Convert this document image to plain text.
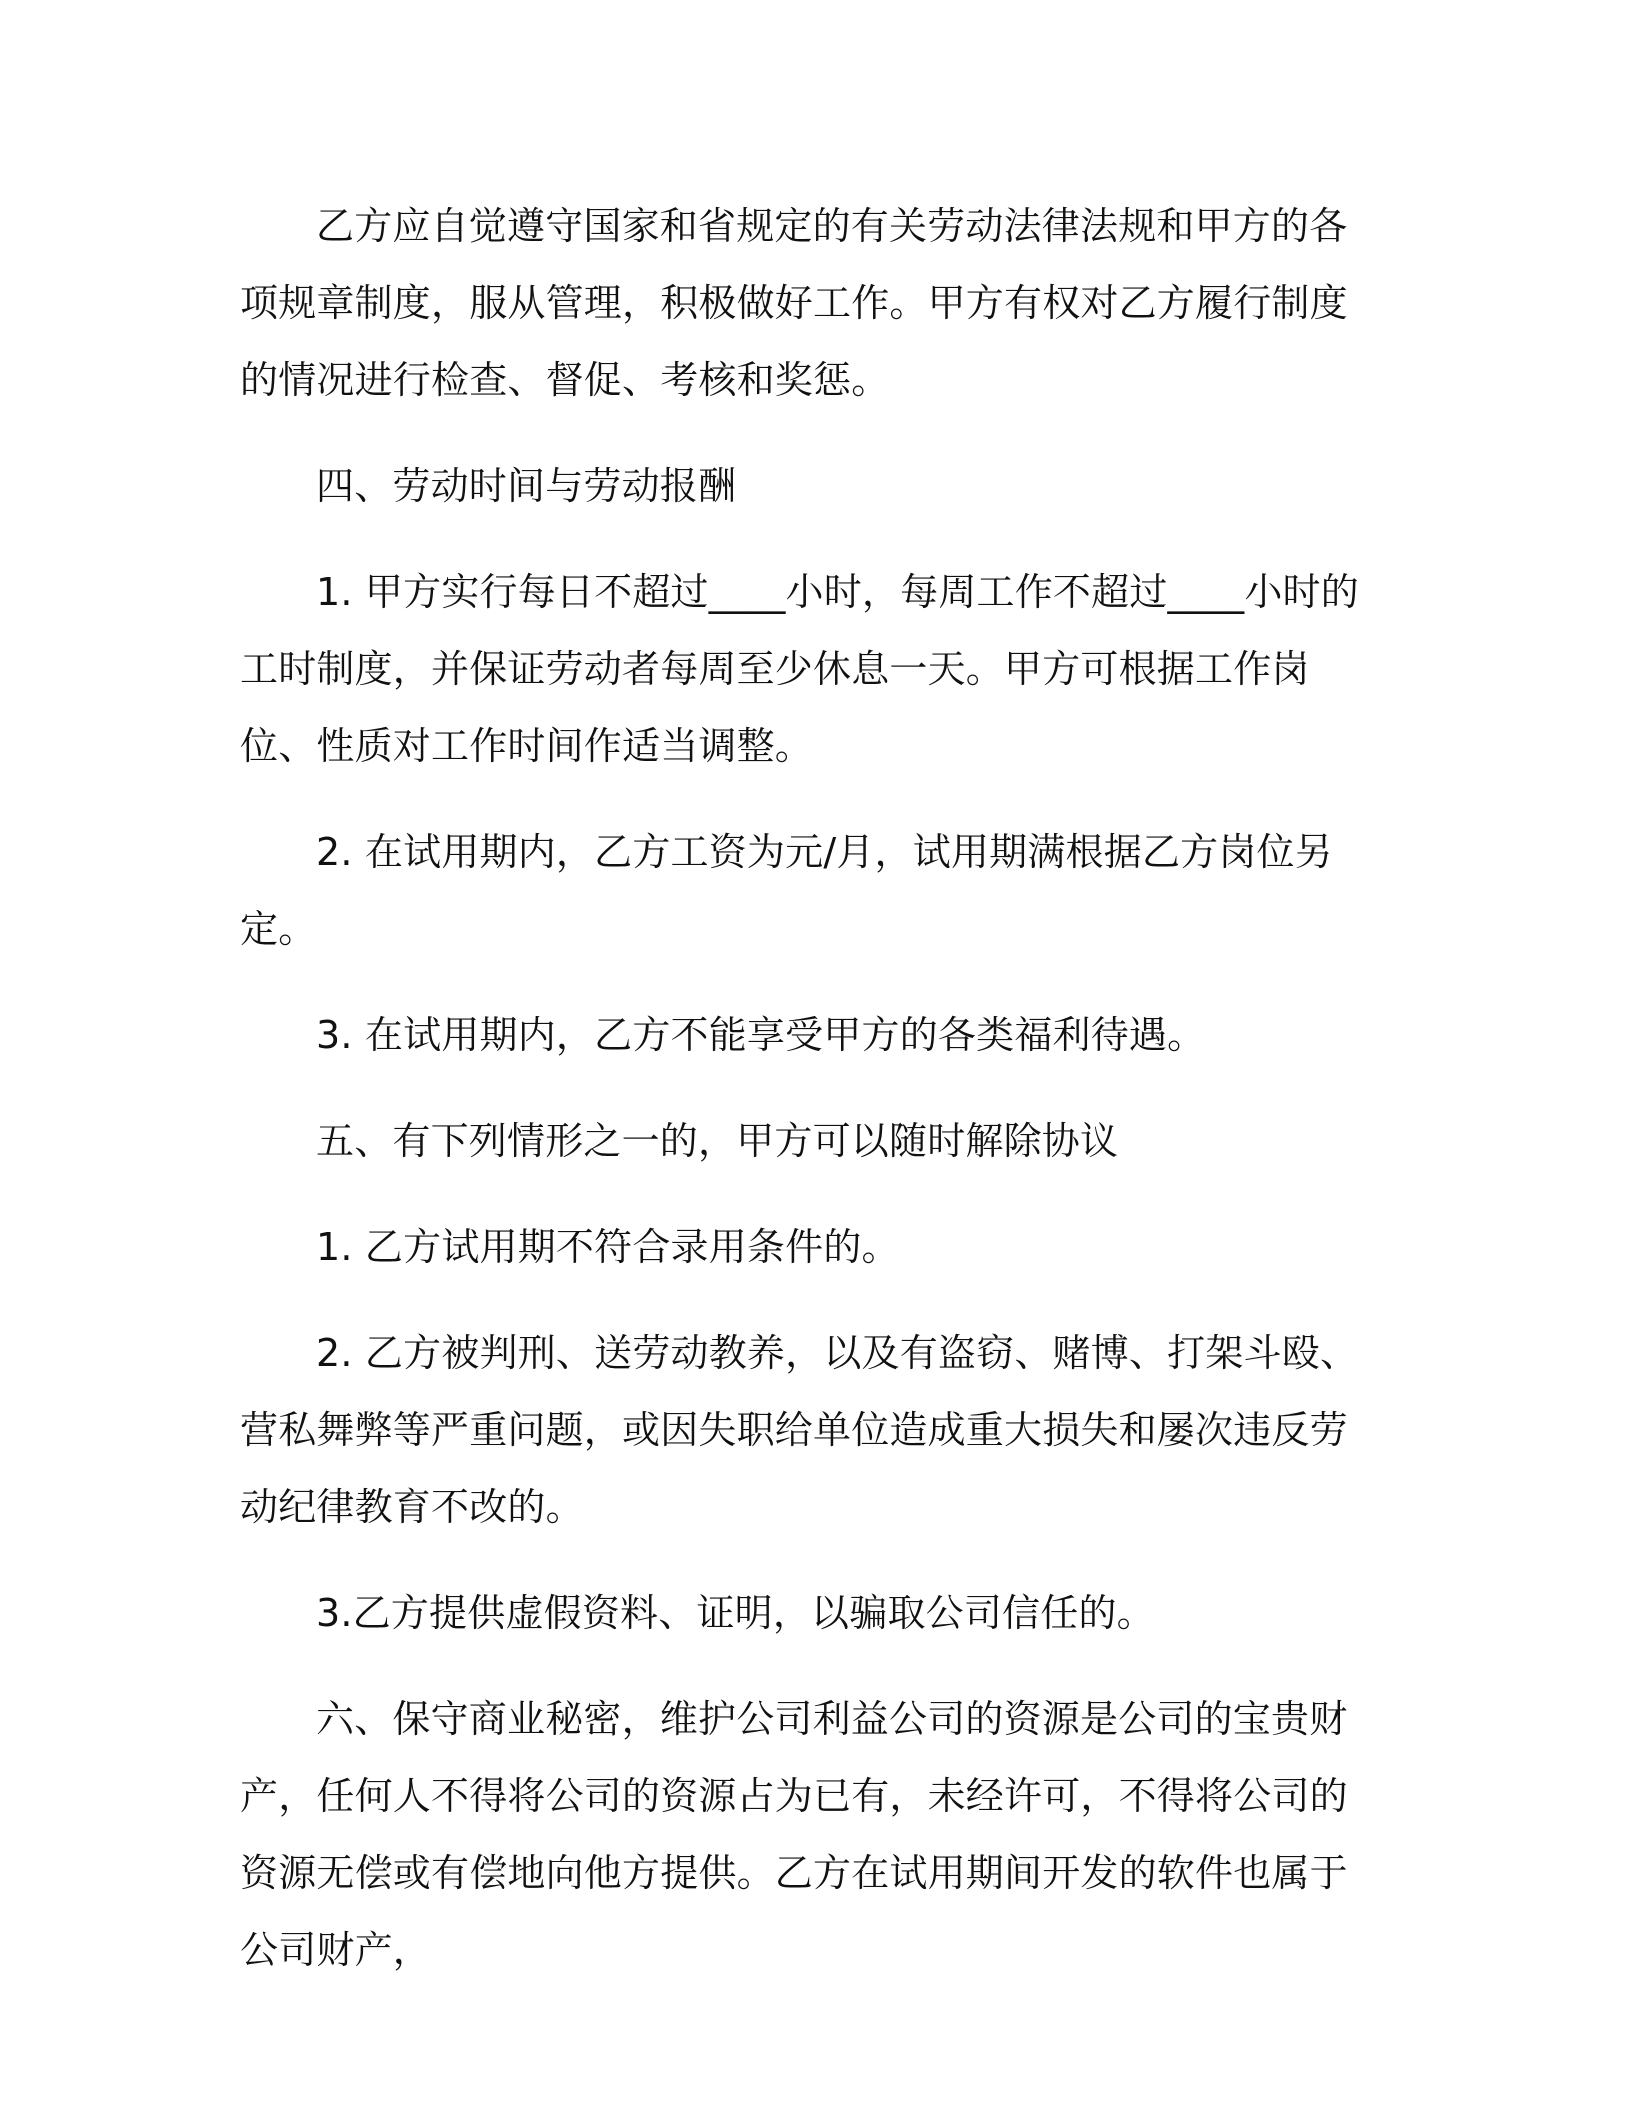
乙方应自觉遵守国家和省规定的有关劳动法律法规和甲方的各项规章制度，服从管理，积极做好工作。甲方有权对乙方履行制度的情况进行检查、督促、考核和奖惩。

四、劳动时间与劳动报酬

1. 甲方实行每日不超过____小时，每周工作不超过____小时的工时制度，并保证劳动者每周至少休息一天。甲方可根据工作岗位、性质对工作时间作适当调整。

2. 在试用期内，乙方工资为元/月，试用期满根据乙方岗位另定。

3. 在试用期内，乙方不能享受甲方的各类福利待遇。

五、有下列情形之一的，甲方可以随时解除协议

1. 乙方试用期不符合录用条件的。

2. 乙方被判刑、送劳动教养，以及有盗窃、赌博、打架斗殴、营私舞弊等严重问题，或因失职给单位造成重大损失和屡次违反劳动纪律教育不改的。

3.乙方提供虚假资料、证明，以骗取公司信任的。

六、保守商业秘密，维护公司利益公司的资源是公司的宝贵财产，任何人不得将公司的资源占为已有，未经许可，不得将公司的资源无偿或有偿地向他方提供。乙方在试用期间开发的软件也属于公司财产，
